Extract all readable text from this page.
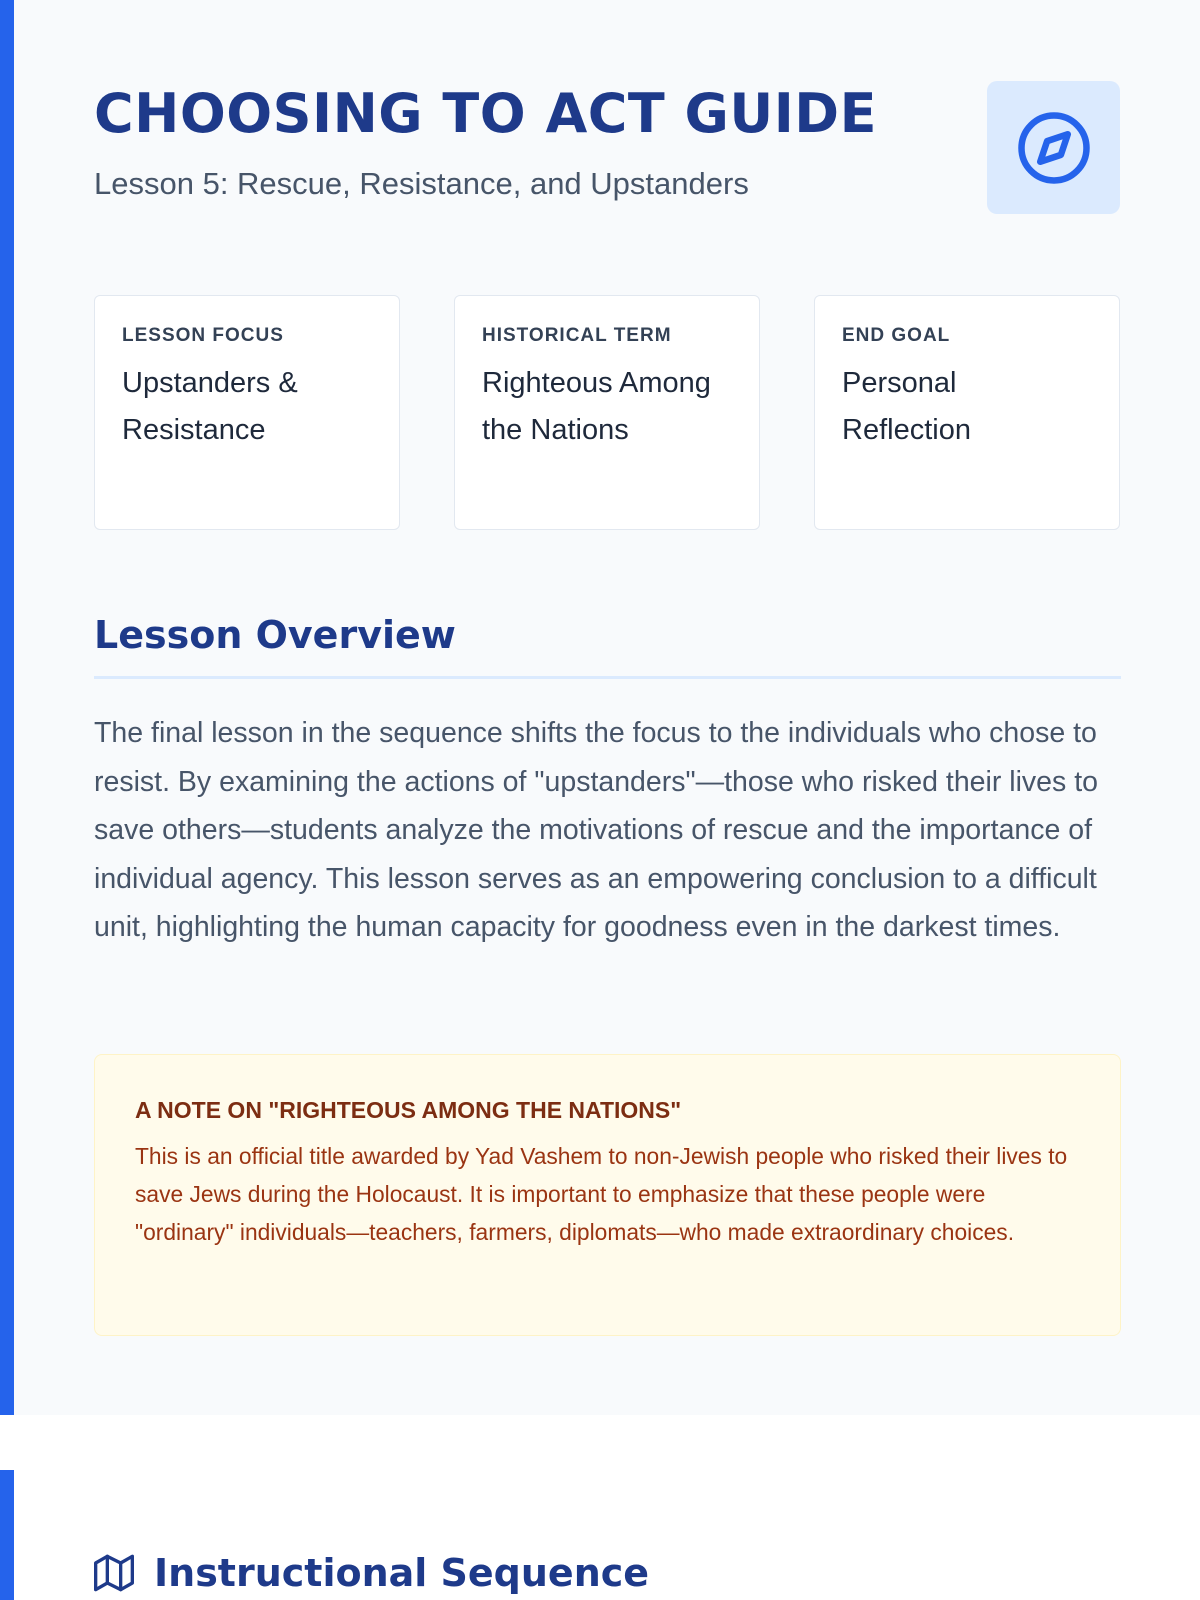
CHOOSING TO ACT GUIDE

Lesson 5: Rescue, Resistance, and Upstanders

LESSON FOCUS

Upstanders & Resistance

HISTORICAL TERM

Righteous Among the Nations

END GOAL

Personal Reflection

Lesson Overview

The final lesson in the sequence shifts the focus to the individuals who chose to resist. By examining the actions of "upstanders"—those who risked their lives to save others—students analyze the motivations of rescue and the importance of individual agency. This lesson serves as an empowering conclusion to a difficult unit, highlighting the human capacity for goodness even in the darkest times.

A NOTE ON "RIGHTEOUS AMONG THE NATIONS"

This is an official title awarded by Yad Vashem to non-Jewish people who risked their lives to save Jews during the Holocaust. It is important to emphasize that these people were "ordinary" individuals—teachers, farmers, diplomats—who made extraordinary choices.

Instructional Sequence
